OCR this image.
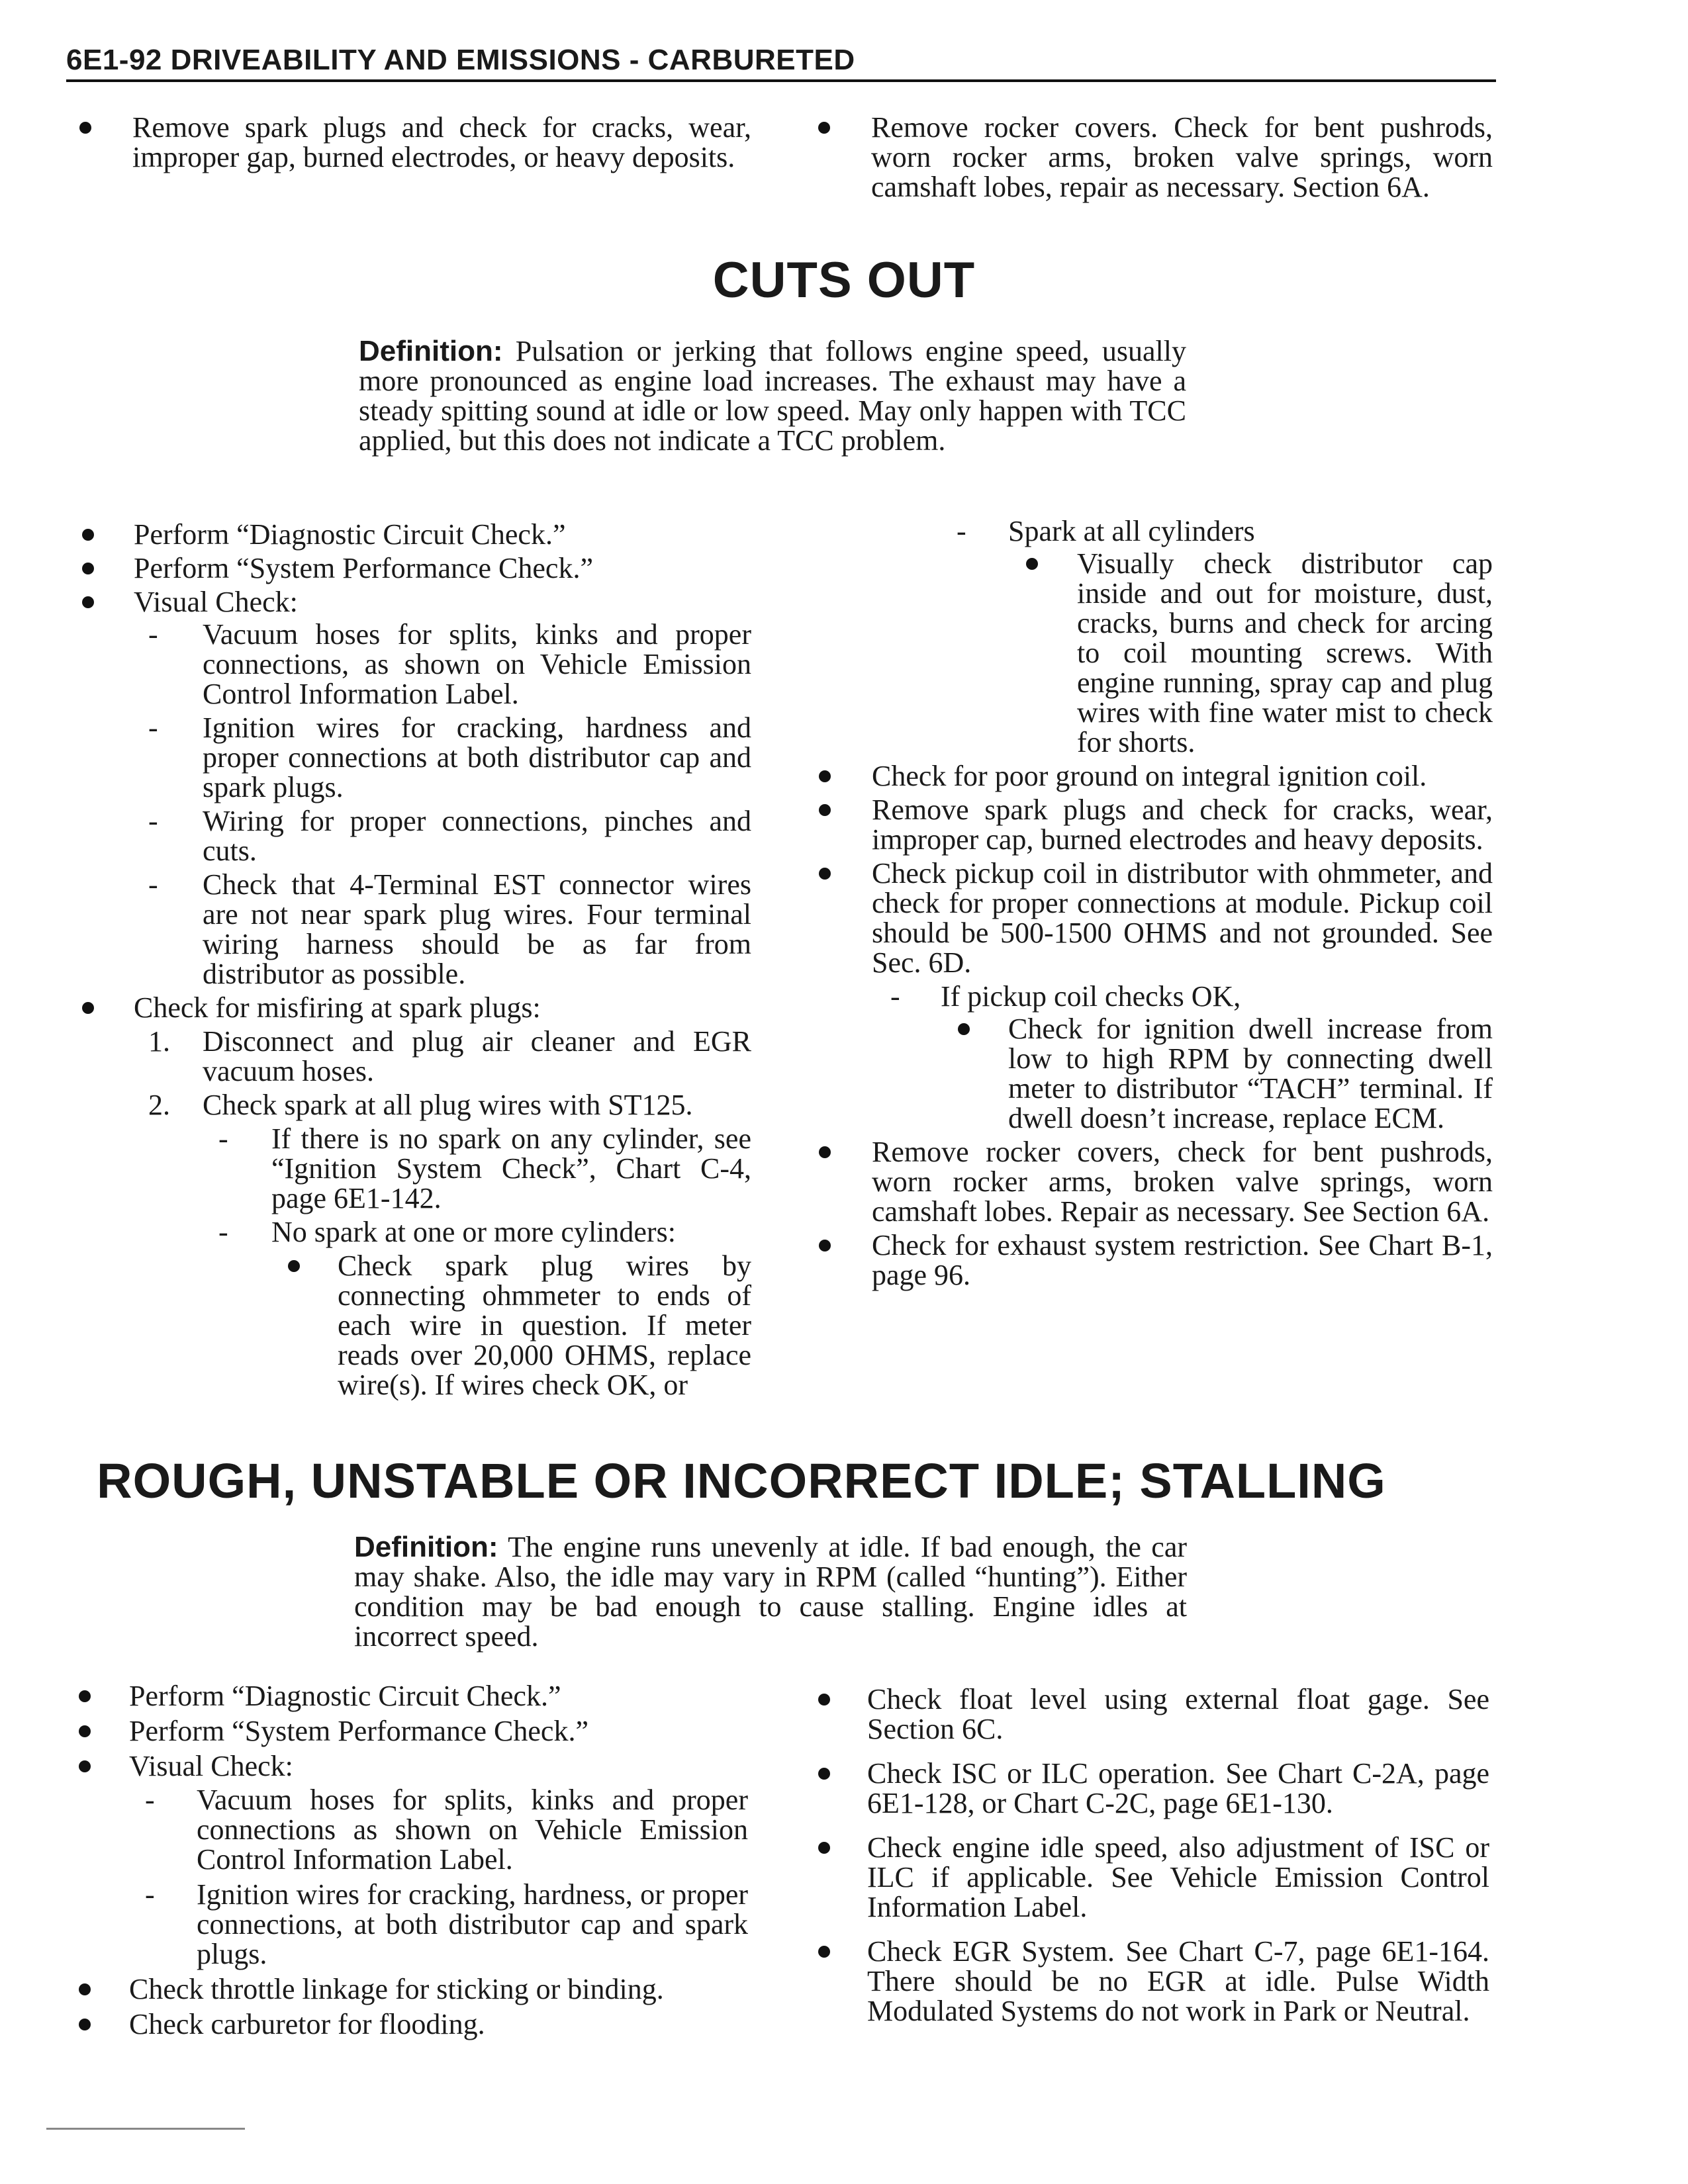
6E1-92 DRIVEABILITY AND EMISSIONS - CARBURETED
Remove spark plugs and check for cracks, wear, improper gap, burned electrodes, or heavy deposits.
Remove rocker covers. Check for bent pushrods, worn rocker arms, broken valve springs, worn camshaft lobes, repair as necessary. Section 6A.
CUTS OUT
Definition: Pulsation or jerking that follows engine speed, usually more pronounced as engine load increases. The exhaust may have a steady spitting sound at idle or low speed. May only happen with TCC applied, but this does not indicate a TCC problem.
Perform “Diagnostic Circuit Check.”
Perform “System Performance Check.”
Visual Check:
- Vacuum hoses for splits, kinks and proper connections, as shown on Vehicle Emission Control Information Label.
- Ignition wires for cracking, hardness and proper connections at both distributor cap and spark plugs.
- Wiring for proper connections, pinches and cuts.
- Check that 4-Terminal EST connector wires are not near spark plug wires. Four terminal wiring harness should be as far from distributor as possible.
Check for misfiring at spark plugs:
1. Disconnect and plug air cleaner and EGR vacuum hoses.
2. Check spark at all plug wires with ST125.
- If there is no spark on any cylinder, see “Ignition System Check”, Chart C-4, page 6E1-142.
- No spark at one or more cylinders:
Check spark plug wires by connecting ohmmeter to ends of each wire in question. If meter reads over 20,000 OHMS, replace wire(s). If wires check OK, or
- Spark at all cylinders
Visually check distributor cap inside and out for moisture, dust, cracks, burns and check for arcing to coil mounting screws. With engine running, spray cap and plug wires with fine water mist to check for shorts.
Check for poor ground on integral ignition coil.
Remove spark plugs and check for cracks, wear, improper cap, burned electrodes and heavy deposits.
Check pickup coil in distributor with ohmmeter, and check for proper connections at module. Pickup coil should be 500-1500 OHMS and not grounded. See Sec. 6D.
- If pickup coil checks OK,
Check for ignition dwell increase from low to high RPM by connecting dwell meter to distributor “TACH” terminal. If dwell doesn’t increase, replace ECM.
Remove rocker covers, check for bent pushrods, worn rocker arms, broken valve springs, worn camshaft lobes. Repair as necessary. See Section 6A.
Check for exhaust system restriction. See Chart B-1, page 96.
ROUGH, UNSTABLE OR INCORRECT IDLE; STALLING
Definition: The engine runs unevenly at idle. If bad enough, the car may shake. Also, the idle may vary in RPM (called “hunting”). Either condition may be bad enough to cause stalling. Engine idles at incorrect speed.
Perform “Diagnostic Circuit Check.”
Perform “System Performance Check.”
Visual Check:
- Vacuum hoses for splits, kinks and proper connections as shown on Vehicle Emission Control Information Label.
- Ignition wires for cracking, hardness, or proper connections, at both distributor cap and spark plugs.
Check throttle linkage for sticking or binding.
Check carburetor for flooding.
Check float level using external float gage. See Section 6C.
Check ISC or ILC operation. See Chart C-2A, page 6E1-128, or Chart C-2C, page 6E1-130.
Check engine idle speed, also adjustment of ISC or ILC if applicable. See Vehicle Emission Control Information Label.
Check EGR System. See Chart C-7, page 6E1-164. There should be no EGR at idle. Pulse Width Modulated Systems do not work in Park or Neutral.
